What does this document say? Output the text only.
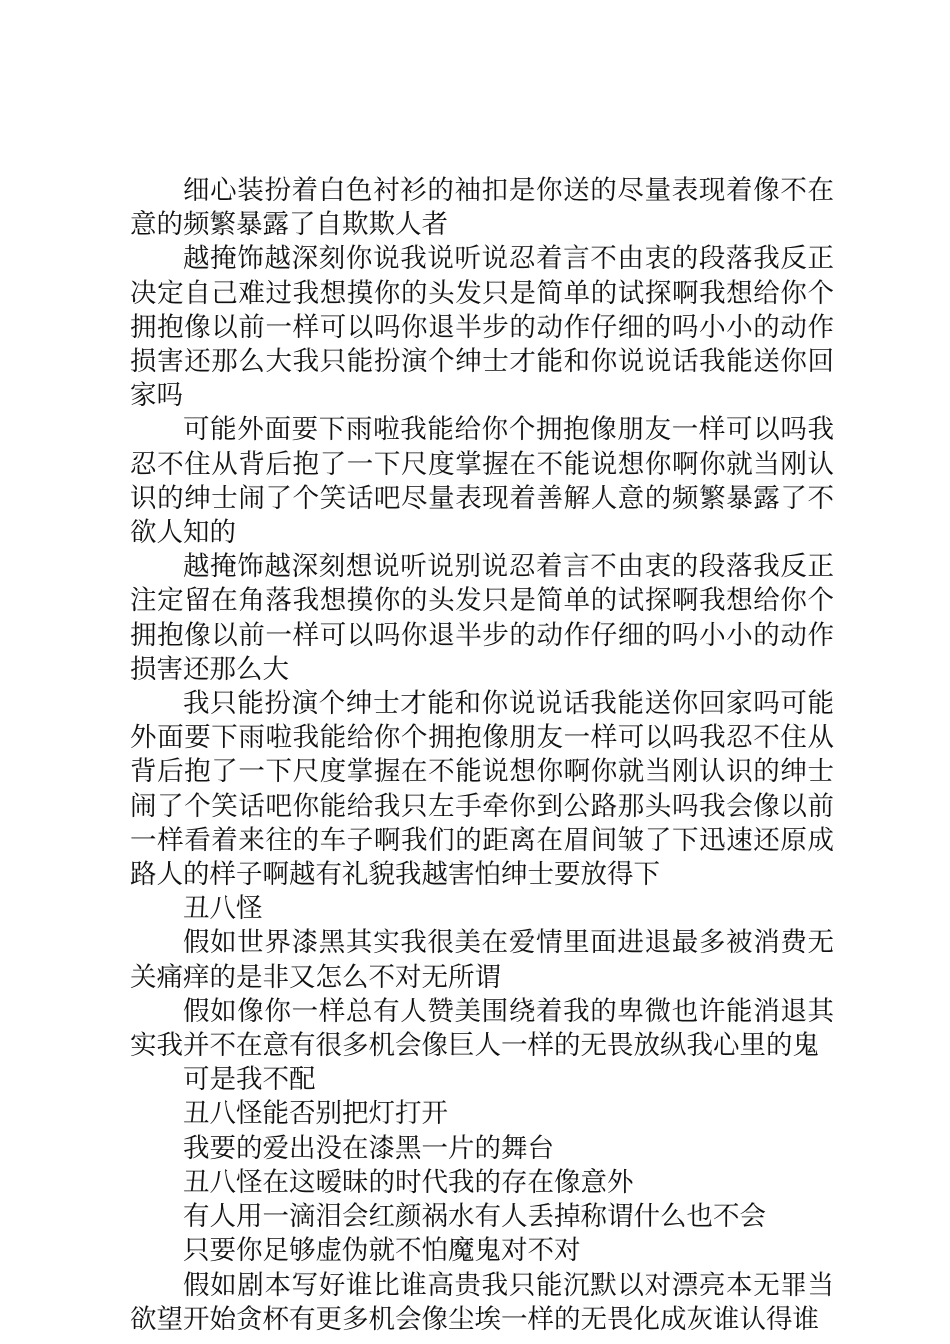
细心装扮着白色衬衫的袖扣是你送的尽量表现着像不在意的频繁暴露了自欺欺人者

越掩饰越深刻你说我说听说忍着言不由衷的段落我反正决定自己难过我想摸你的头发只是简单的试探啊我想给你个拥抱像以前一样可以吗你退半步的动作仔细的吗小小的动作损害还那么大我只能扮演个绅士才能和你说说话我能送你回家吗

可能外面要下雨啦我能给你个拥抱像朋友一样可以吗我忍不住从背后抱了一下尺度掌握在不能说想你啊你就当刚认识的绅士闹了个笑话吧尽量表现着善解人意的频繁暴露了不欲人知的

越掩饰越深刻想说听说别说忍着言不由衷的段落我反正注定留在角落我想摸你的头发只是简单的试探啊我想给你个拥抱像以前一样可以吗你退半步的动作仔细的吗小小的动作损害还那么大

我只能扮演个绅士才能和你说说话我能送你回家吗可能外面要下雨啦我能给你个拥抱像朋友一样可以吗我忍不住从背后抱了一下尺度掌握在不能说想你啊你就当刚认识的绅士闹了个笑话吧你能给我只左手牵你到公路那头吗我会像以前一样看着来往的车子啊我们的距离在眉间皱了下迅速还原成路人的样子啊越有礼貌我越害怕绅士要放得下

丑八怪

假如世界漆黑其实我很美在爱情里面进退最多被消费无关痛痒的是非又怎么不对无所谓

假如像你一样总有人赞美围绕着我的卑微也许能消退其实我并不在意有很多机会像巨人一样的无畏放纵我心里的鬼

可是我不配

丑八怪能否别把灯打开

我要的爱出没在漆黑一片的舞台

丑八怪在这暧昧的时代我的存在像意外

有人用一滴泪会红颜祸水有人丢掉称谓什么也不会

只要你足够虚伪就不怕魔鬼对不对

假如剧本写好谁比谁高贵我只能沉默以对漂亮本无罪当欲望开始贪杯有更多机会像尘埃一样的无畏化成灰谁认得谁
